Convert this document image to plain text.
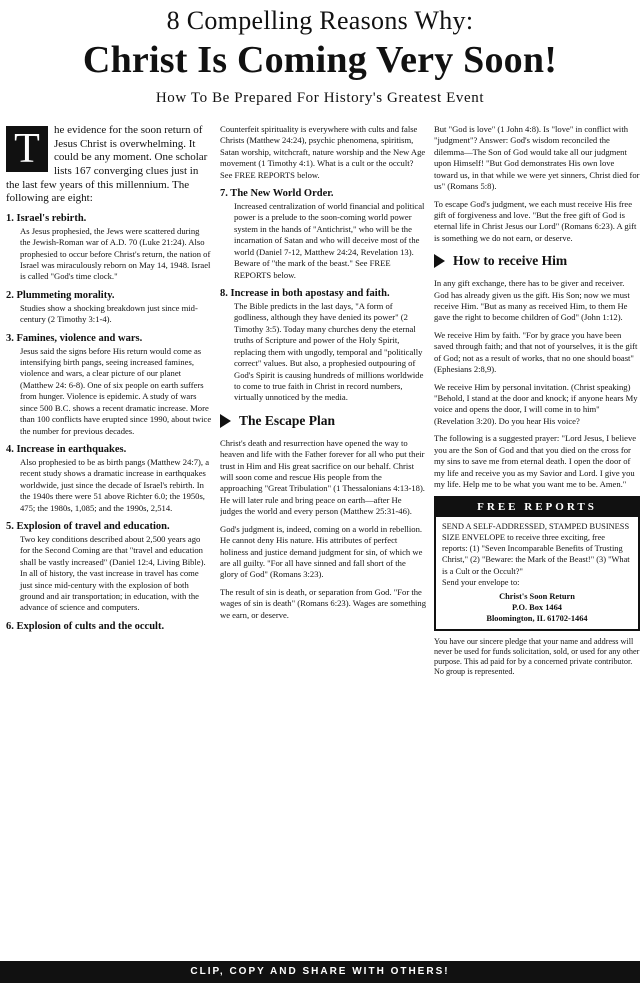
8 Compelling Reasons Why:
Christ Is Coming Very Soon!
How To Be Prepared For History's Greatest Event

T	he evidence for the soon return of Jesus Christ is overwhelming. It could be any moment. One scholar lists 167 converging clues just in the last few years of this millennium. The following are eight:

1. Israel's rebirth.
As Jesus prophesied, the Jews were scattered during the Jewish-Roman war of A.D. 70 (Luke 21:24). Also prophesied to occur before Christ's return, the nation of Israel was miraculously reborn on May 14, 1948. Israel is called "God's time clock."
2. Plummeting morality.
Studies show a shocking breakdown just since mid-century (2 Timothy 3:1-4).
3. Famines, violence and wars.
Jesus said the signs before His return would come as intensifying birth pangs, seeing increased famines, violence and wars, a clear picture of our planet (Matthew 24: 6-8). One of six people on earth suffers from hunger. Violence is epidemic. A study of wars since 500 B.C. shows a recent dramatic increase. More than 100 conflicts have erupted since 1990, about twice the number for previous decades.
4. Increase in earthquakes.
Also prophesied to be as birth pangs (Matthew 24:7), a recent study shows a dramatic increase in earthquakes worldwide, just since the decade of Israel's rebirth. In the 1940s there were 51 above Richter 6.0; the 1950s, 475; the 1980s, 1,085; and the 1990s, 2,514.
5. Explosion of travel and education.
Two key conditions described about 2,500 years ago for the Second Coming are that "travel and education shall be vastly increased" (Daniel 12:4, Living Bible). In all of history, the vast increase in travel has come just since mid-century with the explosion of both ground and air transportation; in education, with the advance of science and computers.
6. Explosion of cults and the occult.

Counterfeit spirituality is everywhere with cults and false Christs (Matthew 24:24), psychic phenomena, spiritism, Satan worship, witchcraft, nature worship and the New Age movement (1 Timothy 4:1). What is a cult or the occult? See FREE REPORTS below.

7. The New World Order.
Increased centralization of world financial and political power is a prelude to the soon-coming world power system in the hands of "Antichrist," who will be the incarnation of Satan and who will deceive most of the world (Daniel 7-12, Matthew 24:24, Revelation 13). Beware of "the mark of the beast." See FREE REPORTS below.
8. Increase in both apostasy and faith.
The Bible predicts in the last days, "A form of godliness, although they have denied its power" (2 Timothy 3:5). Today many churches deny the eternal truths of Scripture and power of the Holy Spirit, replacing them with ungodly, temporal and "politically correct" values. But also, a prophesied outpouring of God's Spirit is causing hundreds of millions worldwide to come to true faith in Christ in record numbers, virtually unnoticed by the media.
The Escape Plan

Christ's death and resurrection have opened the way to heaven and life with the Father forever for all who put their trust in Him and His great sacrifice on our behalf. Christ will soon come and rescue His people from the approaching "Great Tribulation" (1 Thessalonians 4:13-18). He will later rule and bring peace on earth—after He judges the world and every person (Matthew 25:31-46).

God's judgment is, indeed, coming on a world in rebellion. He cannot deny His nature. His attributes of perfect holiness and justice demand judgment for sin, of which we are all guilty. "For all have sinned and fall short of the glory of God" (Romans 3:23).

The result of sin is death, or separation from God. "For the wages of sin is death" (Romans 6:23). Wages are something we earn, or deserve.

But "God is love" (1 John 4:8). Is "love" in conflict with "judgment"? Answer: God's wisdom reconciled the dilemma—The Son of God would take all our judgment upon Himself! "But God demonstrates His own love toward us, in that while we were yet sinners, Christ died for us" (Romans 5:8).

To escape God's judgment, we each must receive His free gift of forgiveness and love. "But the free gift of God is eternal life in Christ Jesus our Lord" (Romans 6:23). A gift is something we do not earn, or deserve.

How to receive Him

In any gift exchange, there has to be giver and receiver. God has already given us the gift. His Son; now we must receive Him. "But as many as received Him, to them He gave the right to become children of God" (John 1:12).

We receive Him by faith. "For by grace you have been saved through faith; and that not of yourselves, it is the gift of God; not as a result of works, that no one should boast" (Ephesians 2:8,9).

We receive Him by personal invitation. (Christ speaking) "Behold, I stand at the door and knock; if anyone hears My voice and opens the door, I will come in to him" (Revelation 3:20). Do you hear His voice?

The following is a suggested prayer: "Lord Jesus, I believe you are the Son of God and that you died on the cross for my sins to save me from eternal death. I open the door of my life and receive you as my Savior and Lord. I give you my life. Help me to be what you want me to be. Amen."

FREE REPORTS
SEND A SELF-ADDRESSED, STAMPED BUSINESS SIZE ENVELOPE to receive three exciting, free reports: (1) "Seven Incomparable Benefits of Trusting Christ," (2) "Beware: the Mark of the Beast!" (3) "What is a Cult or the Occult?"
Send your envelope to:
Christ's Soon Return
P.O. Box 1464
Bloomington, IL 61702-1464

You have our sincere pledge that your name and address will never be used for funds solicitation, sold, or used for any other purpose. This ad paid for by a concerned private contributor. No group is represented.

CLIP, COPY AND SHARE WITH OTHERS!
